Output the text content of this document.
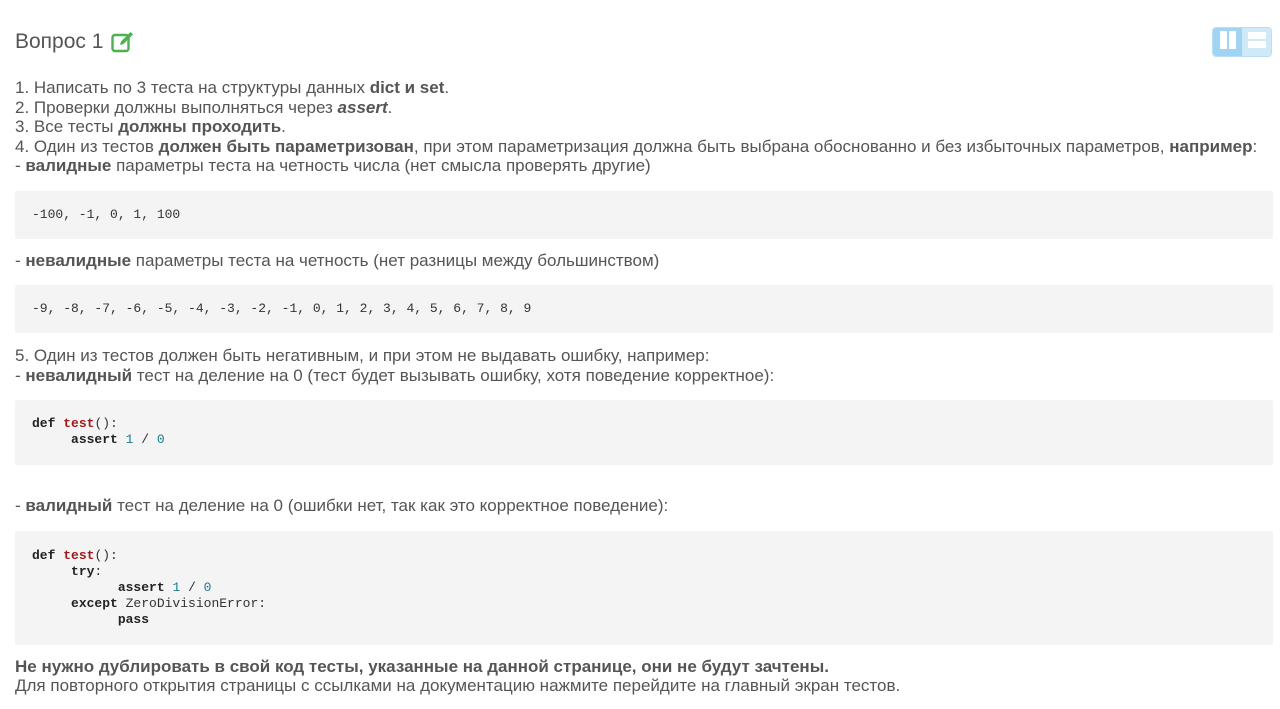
Вопрос 1
1. Написать по 3 теста на структуры данных dict и set.
2. Проверки должны выполняться через assert.
3. Все тесты должны проходить.
4. Один из тестов должен быть параметризован, при этом параметризация должна быть выбрана обоснованно и без избыточных параметров, например:
- валидные параметры теста на четность числа (нет смысла проверять другие)
-100, -1, 0, 1, 100
- невалидные параметры теста на четность (нет разницы между большинством)
-9, -8, -7, -6, -5, -4, -3, -2, -1, 0, 1, 2, 3, 4, 5, 6, 7, 8, 9
5. Один из тестов должен быть негативным, и при этом не выдавать ошибку, например:
- невалидный тест на деление на 0 (тест будет вызывать ошибку, хотя поведение корректное):
def test():
assert 1 / 0
- валидный тест на деление на 0 (ошибки нет, так как это корректное поведение):
def test():
try:
assert 1 / 0
except ZeroDivisionError:
pass
Не нужно дублировать в свой код тесты, указанные на данной странице, они не будут зачтены.
Для повторного открытия страницы с ссылками на документацию нажмите перейдите на главный экран тестов.
